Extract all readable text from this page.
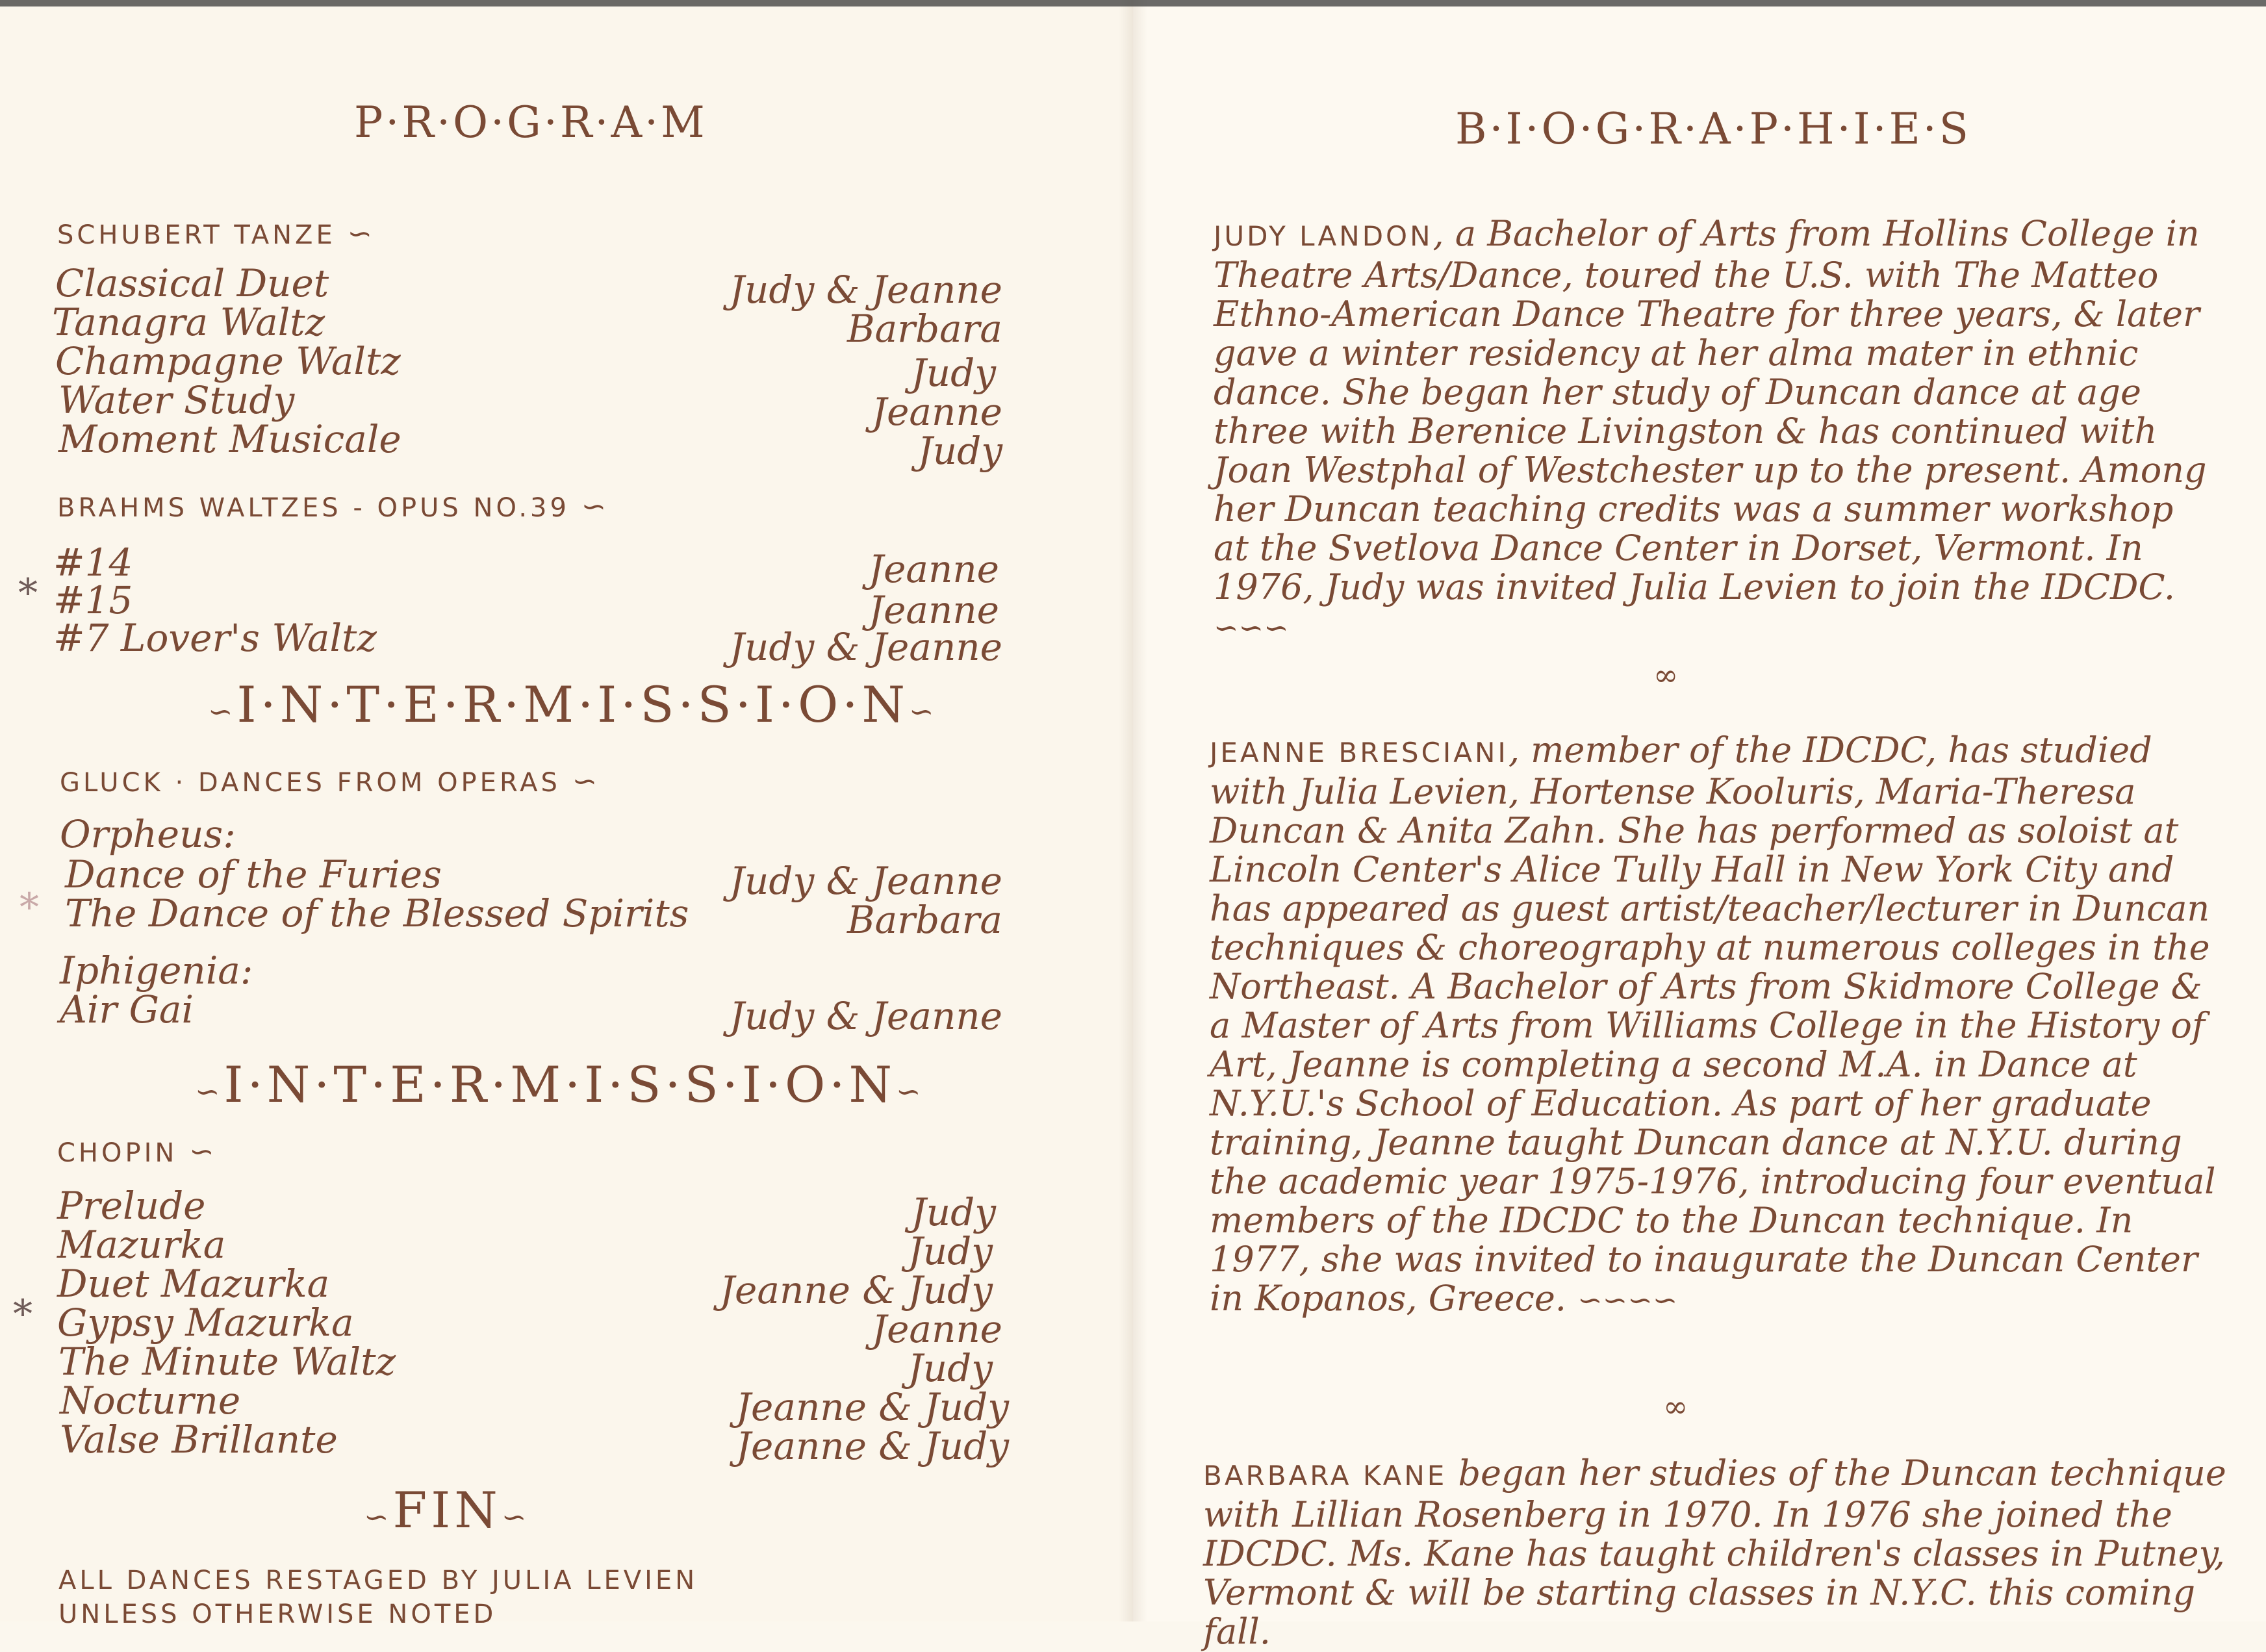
P·R·O·G·R·A·M
SCHUBERT TANZE ∽
Classical Duet
Tanagra Waltz
Champagne Waltz
Water Study
Moment Musicale
Judy & Jeanne
Barbara
Judy
Jeanne
Judy
BRAHMS WALTZES - OPUS NO.39 ∽
#14
* #15
#7 Lover's Waltz
Jeanne
Jeanne
Judy & Jeanne
∽I·N·T·E·R·M·I·S·S·I·O·N∽
GLUCK · DANCES FROM OPERAS ∽
Orpheus:
Dance of the Furies
* The Dance of the Blessed Spirits
Iphigenia:
Air Gai
Judy & Jeanne
Barbara
Judy & Jeanne
∽I·N·T·E·R·M·I·S·S·I·O·N∽
CHOPIN ∽
Prelude
Mazurka
Duet Mazurka
* Gypsy Mazurka
The Minute Waltz
Nocturne
Valse Brillante
Judy
Judy
Jeanne & Judy
Jeanne
Judy
Jeanne & Judy
Jeanne & Judy
∽FIN∽
ALL DANCES RESTAGED BY JULIA LEVIEN
UNLESS OTHERWISE NOTED
B·I·O·G·R·A·P·H·I·E·S

JUDY LANDON, a Bachelor of Arts from Hollins College in Theatre Arts/Dance, toured the U.S. with The Matteo Ethno-American Dance Theatre for three years, & later gave a winter residency at her alma mater in ethnic dance. She began her study of Duncan dance at age three with Berenice Livingston & has continued with Joan Westphal of Westchester up to the present. Among her Duncan teaching credits was a summer workshop at the Svetlova Dance Center in Dorset, Vermont. In 1976, Judy was invited Julia Levien to join the IDCDC. ∽∽∽

∞

JEANNE BRESCIANI, member of the IDCDC, has studied with Julia Levien, Hortense Kooluris, Maria-Theresa Duncan & Anita Zahn. She has performed as soloist at Lincoln Center's Alice Tully Hall in New York City and has appeared as guest artist/teacher/lecturer in Duncan techniques & choreography at numerous colleges in the Northeast. A Bachelor of Arts from Skidmore College & a Master of Arts from Williams College in the History of Art, Jeanne is completing a second M.A. in Dance at N.Y.U.'s School of Education. As part of her graduate training, Jeanne taught Duncan dance at N.Y.U. during the academic year 1975-1976, introducing four eventual members of the IDCDC to the Duncan technique. In 1977, she was invited to inaugurate the Duncan Center in Kopanos, Greece. ∽∽∽∽

∞

BARBARA KANE began her studies of the Duncan technique with Lillian Rosenberg in 1970. In 1976 she joined the IDCDC. Ms. Kane has taught children's classes in Putney, Vermont & will be starting classes in N.Y.C. this coming fall.
